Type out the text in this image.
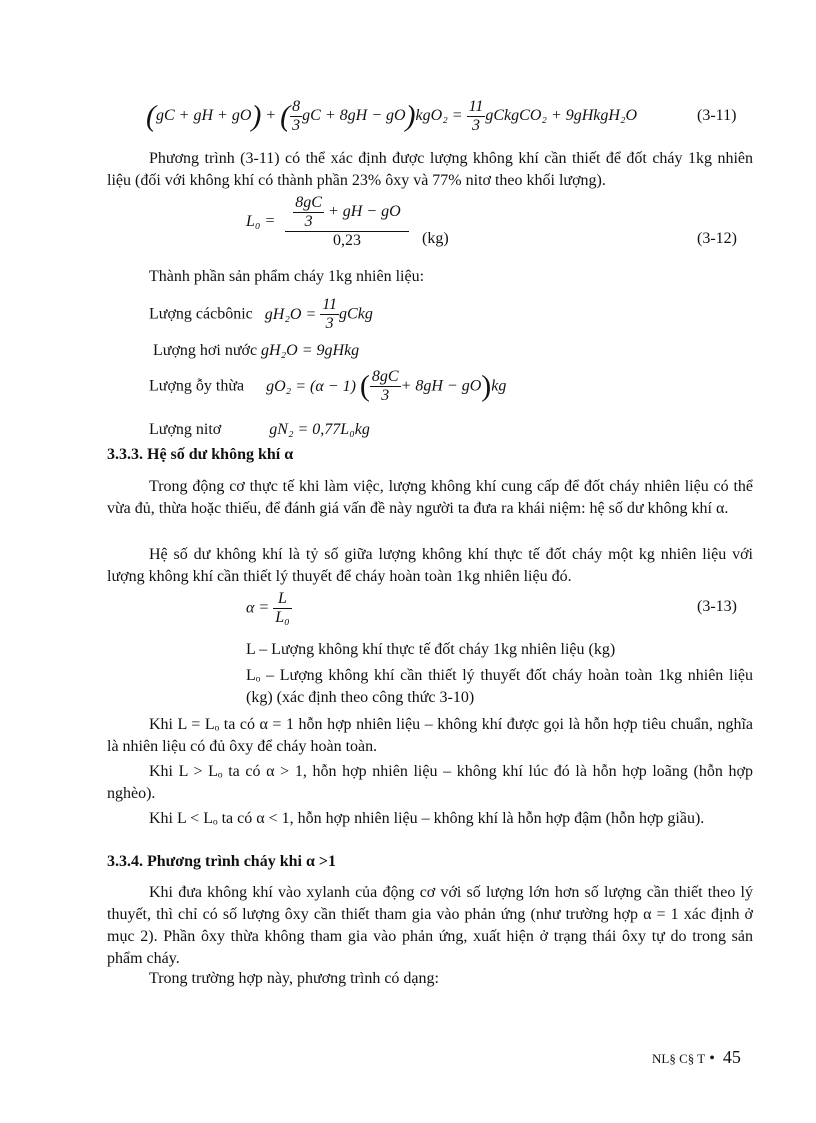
(gC + gH + gO) + ( $\frac{8}{3}$ gC + $8gH - gO)kgO_2 = \frac{11}{3}$ gCkgCO₂ + 9gHkgH₂O	(3-11)

Phương trình (3-11) có thể xác định được lượng không khí cần thiết để đốt cháy 1kg nhiên liệu (đối với không khí có thành phần 23% ôxy và 77% nitơ theo khối lượng).

$L_0 = \frac{\frac{8gC}{3} + gH - gO}{0,23} (kg)$	(3-12)
Thành phần sản phẩm cháy 1kg nhiên liệu:
Lượng cácbônic $gH_2O = \frac{11}{3}$ gCkg
Lượng hơi nước gH₂O = 9gHkg
Lượng ỗy thừa gO₂ = (α − 1) ( $\frac{8gC}{3} + 8gH - gO)kg$
Lượng nitơ	gN₂ = 0,77L₀kg
3.3.3. Hệ số dư không khí α

Trong động cơ thực tế khi làm việc, lượng không khí cung cấp để đốt cháy nhiên liệu có thể vừa đủ, thừa hoặc thiếu, để đánh giá vấn đề này người ta đưa ra khái niệm: hệ số dư không khí α.

Hệ số dư không khí là tỷ số giữa lượng không khí thực tế đốt cháy một kg nhiên liệu với lượng không khí cần thiết lý thuyết để cháy hoàn toàn 1kg nhiên liệu đó.

$\alpha = \frac{L}{\text{L₀}}$	(3-13)
L – Lượng không khí thực tế đốt cháy 1kg nhiên liệu (kg)

Lₒ – Lượng không khí cần thiết lý thuyết đốt cháy hoàn toàn 1kg nhiên liệu (kg) (xác định theo công thức 3-10)

Khi L = Lₒ ta có α = 1 hỗn hợp nhiên liệu – không khí được gọi là hỗn hợp tiêu chuẩn, nghĩa là nhiên liệu có đủ ôxy để cháy hoàn toàn.

Khi L > Lₒ ta có α > 1, hỗn hợp nhiên liệu – không khí lúc đó là hỗn hợp loãng (hỗn hợp nghèo).

Khi L < Lₒ ta có α < 1, hỗn hợp nhiên liệu – không khí là hỗn hợp đậm (hỗn hợp giầu).

3.3.4. Phương trình cháy khi α >1

Khi đưa không khí vào xylanh của động cơ với số lượng lớn hơn số lượng cần thiết theo lý thuyết, thì chỉ có số lượng ôxy cần thiết tham gia vào phản ứng (như trường hợp α = 1 xác định ở mục 2). Phần ôxy thừa không tham gia vào phản ứng, xuất hiện ở trạng thái ôxy tự do trong sản phẩm cháy.

Trong trường hợp này, phương trình có dạng:
NL§ C§ T • 45
